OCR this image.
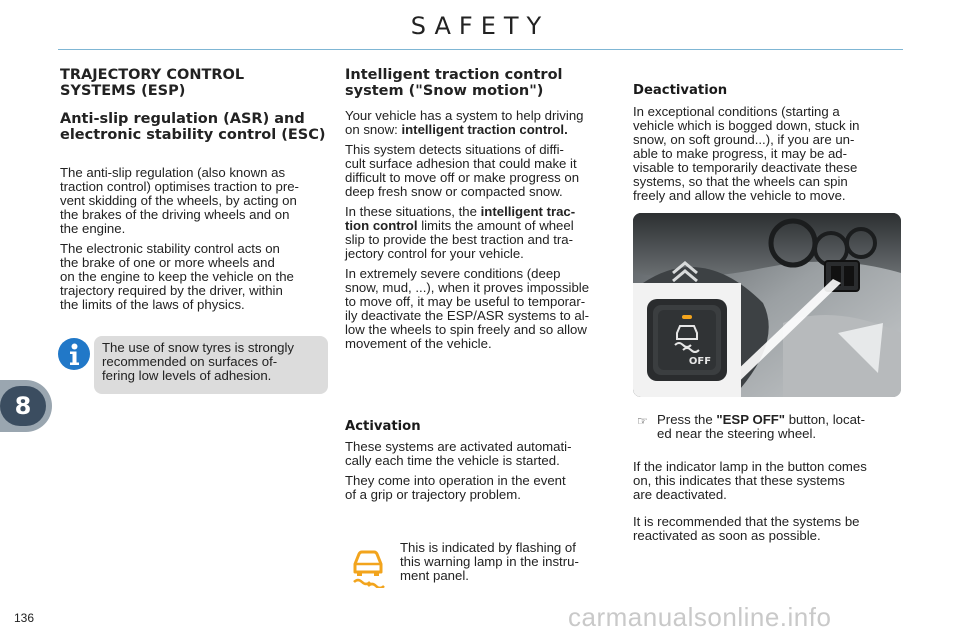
SAFETY
TRAJECTORY CONTROL
SYSTEMS (ESP)
Anti-slip regulation (ASR) and
electronic stability control (ESC)
The anti-slip regulation (also known as
traction control) optimises traction to pre-
vent skidding of the wheels, by acting on
the brakes of the driving wheels and on
the engine.
The electronic stability control acts on
the brake of one or more wheels and
on the engine to keep the vehicle on the
trajectory required by the driver, within
the limits of the laws of physics.
The use of snow tyres is strongly
recommended on surfaces of-
fering low levels of adhesion.
8
Intelligent traction control
system ("Snow motion")
Your vehicle has a system to help driving
on snow: intelligent traction control.
This system detects situations of diffi-
cult surface adhesion that could make it
difficult to move off or make progress on
deep fresh snow or compacted snow.
In these situations, the intelligent trac-
tion control limits the amount of wheel
slip to provide the best traction and tra-
jectory control for your vehicle.
In extremely severe conditions (deep
snow, mud, ...), when it proves impossible
to move off, it may be useful to temporar-
ily deactivate the ESP/ASR systems to al-
low the wheels to spin freely and so allow
movement of the vehicle.
Activation
These systems are activated automati-
cally each time the vehicle is started.
They come into operation in the event
of a grip or trajectory problem.
This is indicated by flashing of
this warning lamp in the instru-
ment panel.
Deactivation
In exceptional conditions (starting a
vehicle which is bogged down, stuck in
snow, on soft ground...), if you are un-
able to make progress, it may be ad-
visable to temporarily deactivate these
systems, so that the wheels can spin
freely and allow the vehicle to move.
OFF
☞ Press the "ESP OFF" button, locat-
ed near the steering wheel.
If the indicator lamp in the button comes
on, this indicates that these systems
are deactivated.
It is recommended that the systems be
reactivated as soon as possible.
136	carmanualsonline.info
